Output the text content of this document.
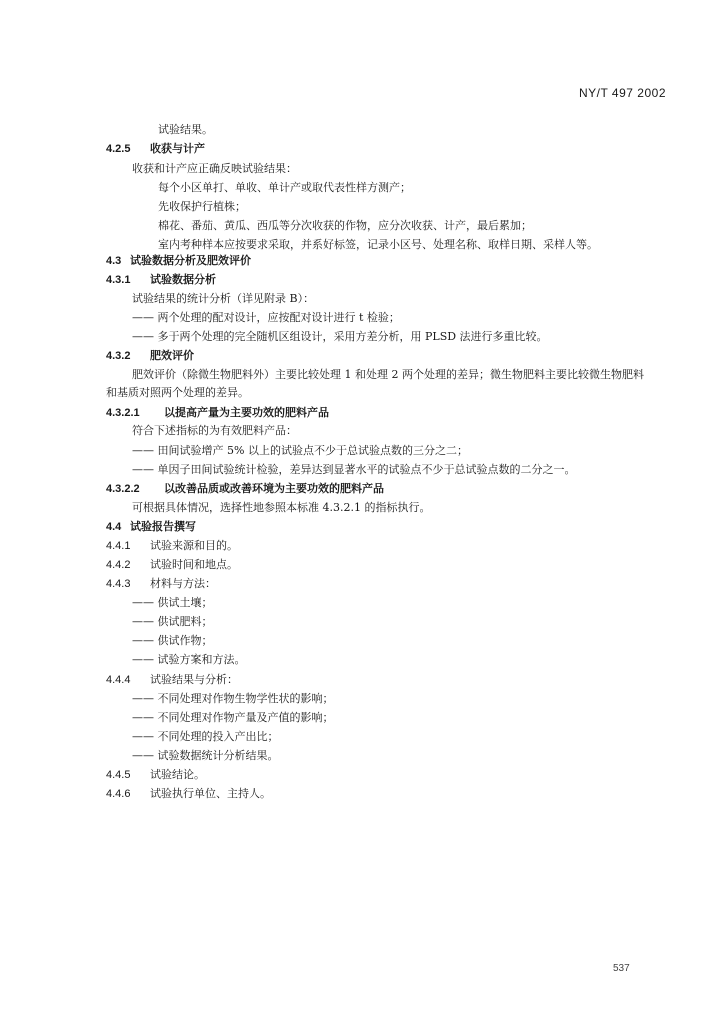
NY/T 497 2002
试验结果。
4.2.5 收获与计产
收获和计产应正确反映试验结果：
每个小区单打、单收、单计产或取代表性样方测产；
先收保护行植株；
棉花、番茄、黄瓜、西瓜等分次收获的作物，应分次收获、计产，最后累加；
室内考种样本应按要求采取，并系好标签，记录小区号、处理名称、取样日期、采样人等。
4.3 试验数据分析及肥效评价
4.3.1 试验数据分析
试验结果的统计分析（详见附录 B）：
—— 两个处理的配对设计，应按配对设计进行 t 检验；
—— 多于两个处理的完全随机区组设计，采用方差分析，用 PLSD 法进行多重比较。
4.3.2 肥效评价
肥效评价（除微生物肥料外）主要比较处理 1 和处理 2 两个处理的差异；微生物肥料主要比较微生物肥料和基质对照两个处理的差异。
4.3.2.1 以提高产量为主要功效的肥料产品
符合下述指标的为有效肥料产品：
—— 田间试验增产 5% 以上的试验点不少于总试验点数的三分之二；
—— 单因子田间试验统计检验，差异达到显著水平的试验点不少于总试验点数的二分之一。
4.3.2.2 以改善品质或改善环境为主要功效的肥料产品
可根据具体情况，选择性地参照本标准 4.3.2.1 的指标执行。
4.4 试验报告撰写
4.4.1 试验来源和目的。
4.4.2 试验时间和地点。
4.4.3 材料与方法：
—— 供试土壤；
—— 供试肥料；
—— 供试作物；
—— 试验方案和方法。
4.4.4 试验结果与分析：
—— 不同处理对作物生物学性状的影响；
—— 不同处理对作物产量及产值的影响；
—— 不同处理的投入产出比；
—— 试验数据统计分析结果。
4.4.5 试验结论。
4.4.6 试验执行单位、主持人。
537
